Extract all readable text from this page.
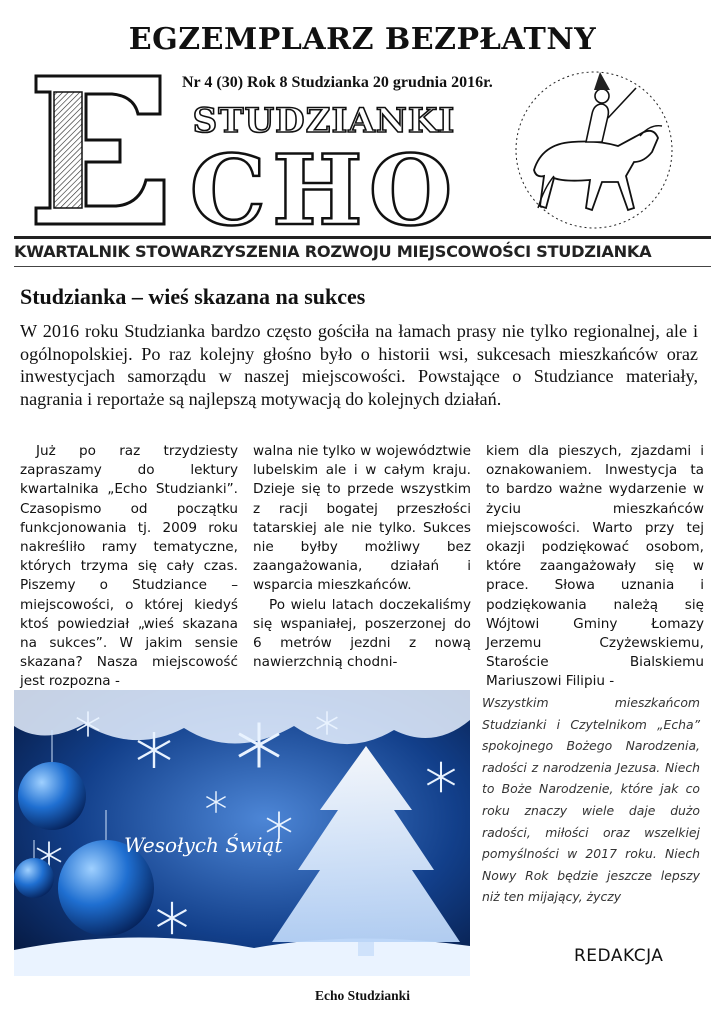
EGZEMPLARZ BEZPŁATNY
E
Nr 4 (30) Rok 8 Studzianka 20 grudnia 2016r.
STUDZIANKI
CHO
KWARTALNIK STOWARZYSZENIA ROZWOJU MIEJSCOWOŚCI STUDZIANKA
Studzianka – wieś skazana na sukces
W 2016 roku Studzianka bardzo często gościła na łamach prasy nie tylko regionalnej, ale i ogólnopolskiej. Po raz kolejny głośno było o historii wsi, sukcesach mieszkańców oraz inwestycjach samorządu w naszej miejscowości. Powstające o Studziance materiały, nagrania i reportaże są najlepszą motywacją do kolejnych działań.

Już po raz trzydziesty zapraszamy do lektury kwartalnika „Echo Studzianki”. Czasopismo od początku funkcjonowania tj. 2009 roku nakreśliło ramy tematyczne, których trzyma się cały czas. Piszemy o Studziance – miejscowości, o której kiedyś ktoś powiedział „wieś skazana na sukces”. W jakim sensie skazana? Nasza miejscowość jest rozpozna -

walna nie tylko w województwie lubelskim ale i w całym kraju. Dzieje się to przede wszystkim z racji bogatej przeszłości tatarskiej ale nie tylko. Sukces nie byłby możliwy bez zaangażowania, działań i wsparcia mieszkańców.

Po wielu latach doczekaliśmy się wspaniałej, poszerzonej do 6 metrów jezdni z nową nawierzchnią chodni-

kiem dla pieszych, zjazdami i oznakowaniem. Inwestycja ta to bardzo ważne wydarzenie w życiu mieszkańców miejscowości. Warto przy tej okazji podziękować osobom, które zaangażowały się w prace. Słowa uznania i podziękowania należą się Wójtowi Gminy Łomazy Jerzemu Czyżewskiemu, Staroście Bialskiemu Mariuszowi Filipiu -

Wesołych Świąt
Wszystkim mieszkańcom Studzianki i Czytelnikom „Echa” spokojnego Bożego Narodzenia, radości z narodzenia Jezusa. Niech to Boże Narodzenie, które jak co roku znaczy wiele daje dużo radości, miłości oraz wszelkiej pomyślności w 2017 roku. Niech Nowy Rok będzie jeszcze lepszy niż ten mijający, życzy
REDAKCJA
Echo Studzianki
